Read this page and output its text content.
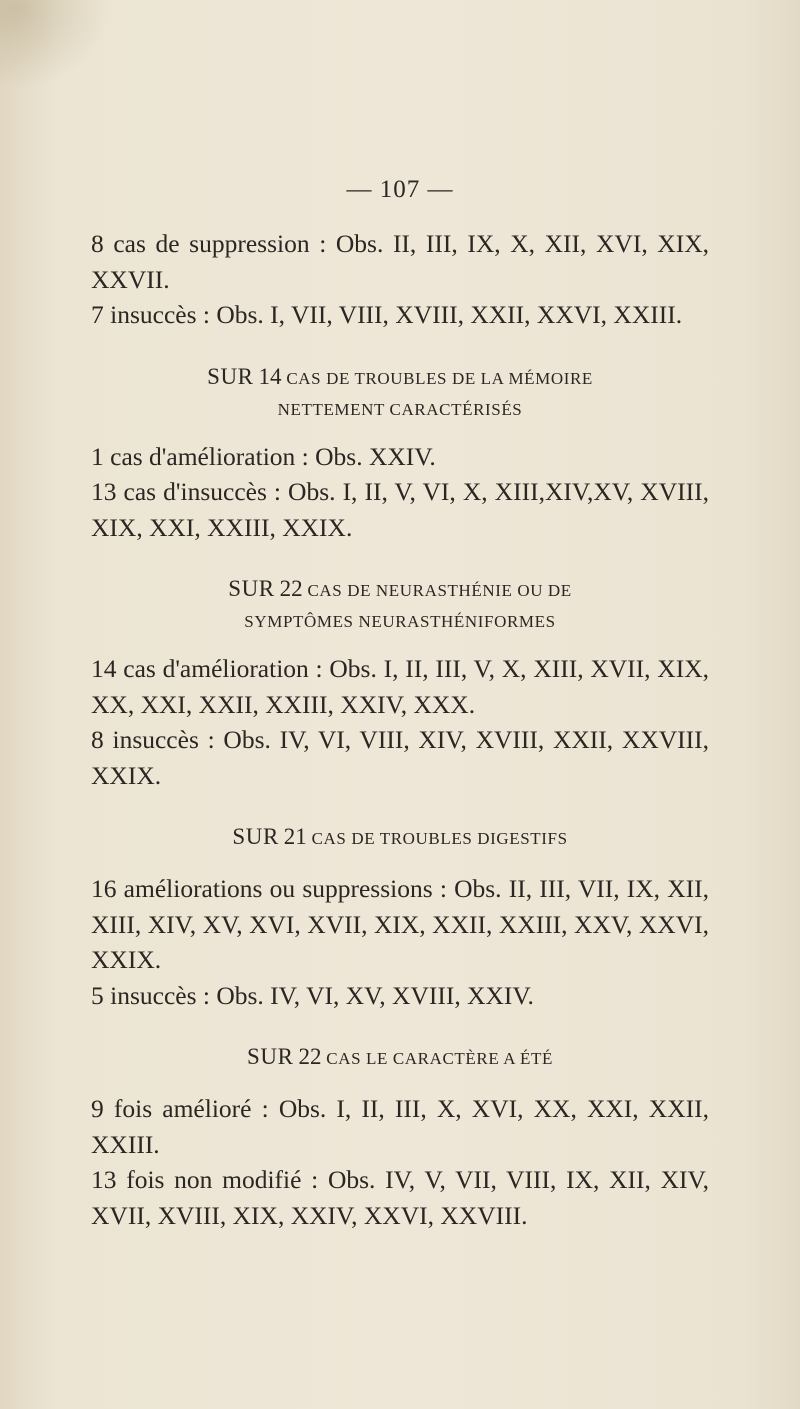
— 107 —

8 cas de suppression : Obs. II, III, IX, X, XII, XVI, XIX, XXVII.

7 insuccès : Obs. I, VII, VIII, XVIII, XXII, XXVI, XXIII.

SUR 14 CAS DE TROUBLES DE LA MÉMOIRE

NETTEMENT CARACTÉRISÉS

1 cas d'amélioration : Obs. XXIV.

13 cas d'insuccès : Obs. I, II, V, VI, X, XIII,XIV,XV, XVIII, XIX, XXI, XXIII, XXIX.

SUR 22 CAS DE NEURASTHÉNIE OU DE

SYMPTÔMES NEURASTHÉNIFORMES

14 cas d'amélioration : Obs. I, II, III, V, X, XIII, XVII, XIX, XX, XXI, XXII, XXIII, XXIV, XXX.

8 insuccès : Obs. IV, VI, VIII, XIV, XVIII, XXII, XXVIII, XXIX.

SUR 21 CAS DE TROUBLES DIGESTIFS

16 améliorations ou suppressions : Obs. II, III, VII, IX, XII, XIII, XIV, XV, XVI, XVII, XIX, XXII, XXIII, XXV, XXVI, XXIX.

5 insuccès : Obs. IV, VI, XV, XVIII, XXIV.

SUR 22 CAS LE CARACTÈRE A ÉTÉ

9 fois amélioré : Obs. I, II, III, X, XVI, XX, XXI, XXII, XXIII.

13 fois non modifié : Obs. IV, V, VII, VIII, IX, XII, XIV, XVII, XVIII, XIX, XXIV, XXVI, XXVIII.
